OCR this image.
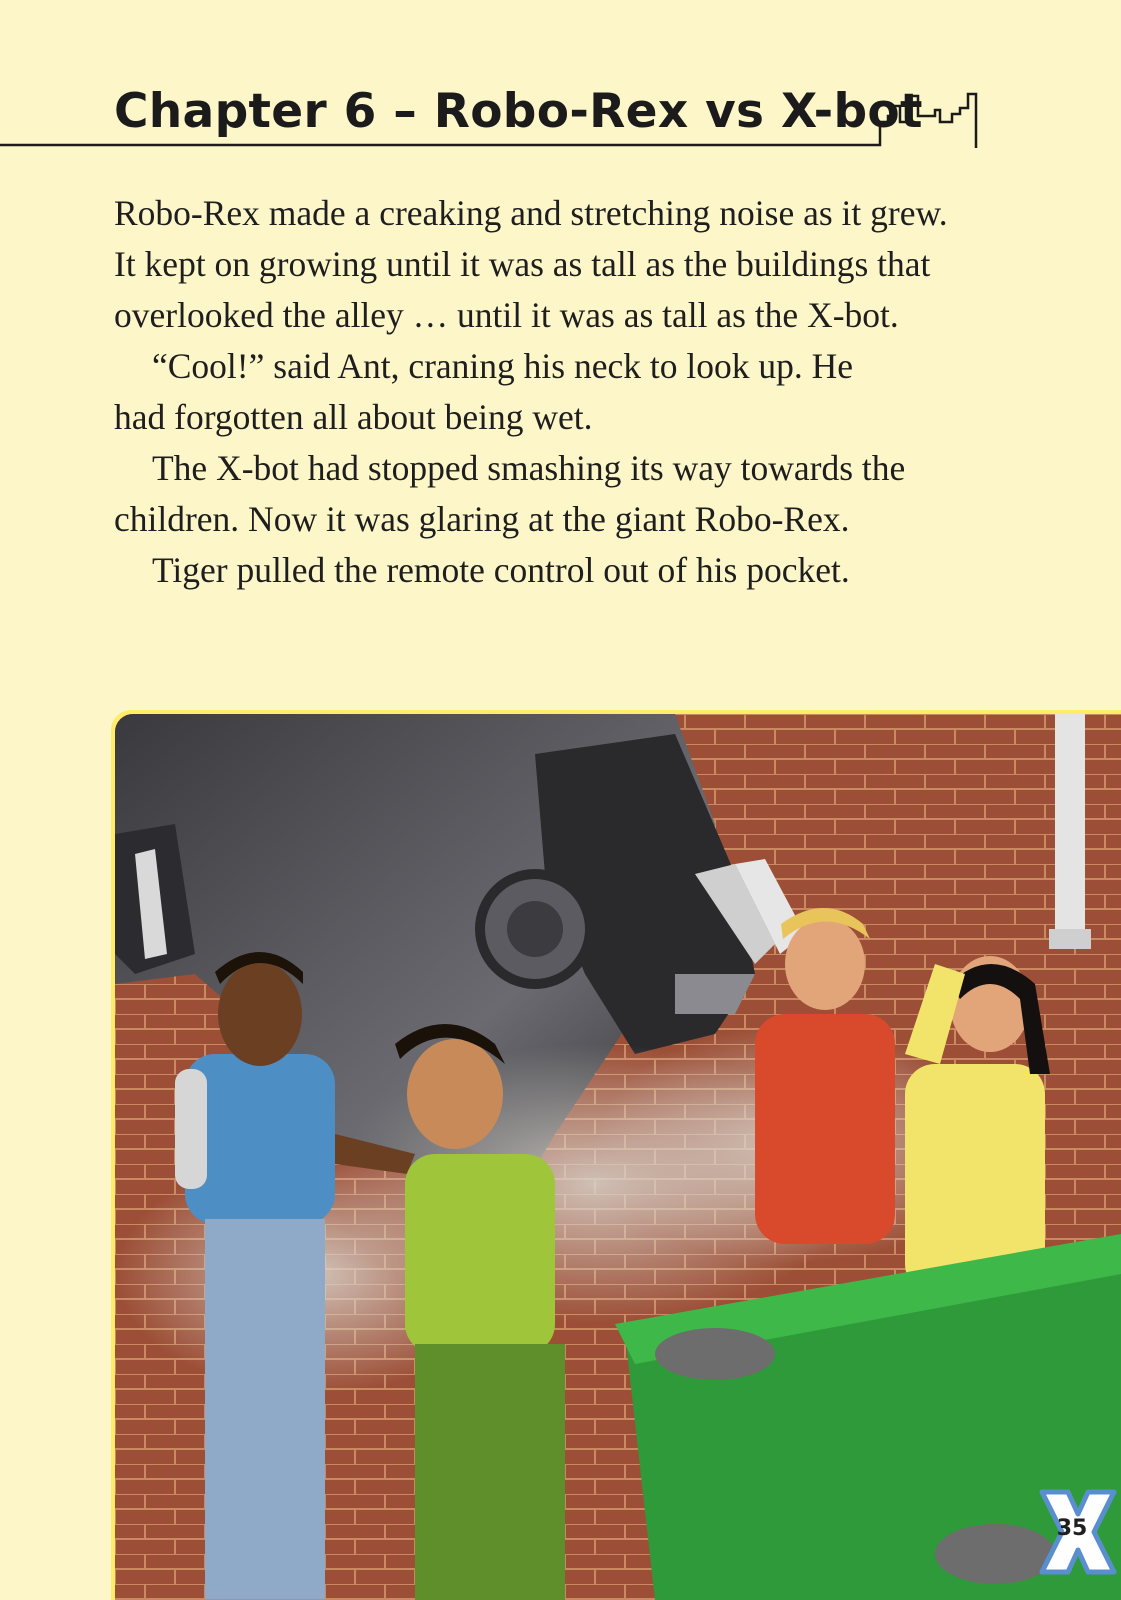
Chapter 6 – Robo-Rex vs X-bot

Robo-Rex made a creaking and stretching noise as it grew. It kept on growing until it was as tall as the buildings that overlooked the alley … until it was as tall as the X-bot.

“Cool!” said Ant, craning his neck to look up. He had forgotten all about being wet.

The X-bot had stopped smashing its way towards the children. Now it was glaring at the giant Robo-Rex.

Tiger pulled the remote control out of his pocket.

35
